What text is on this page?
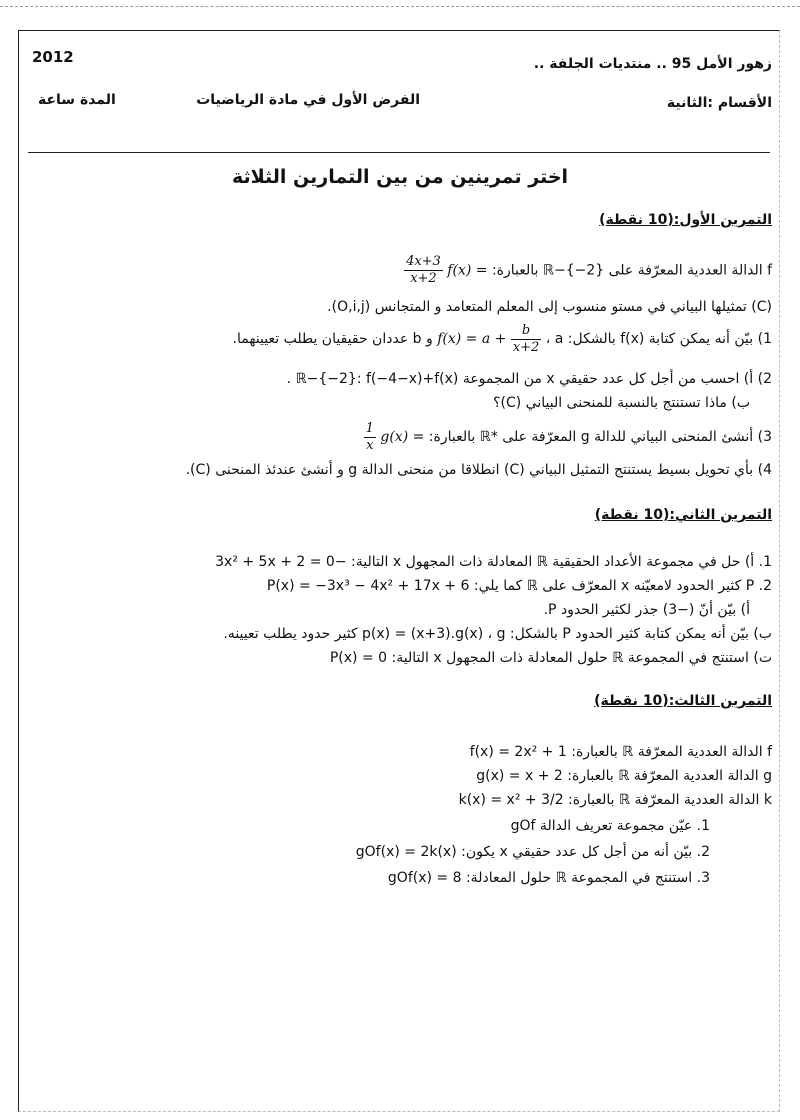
2012	زهور الأمل 95 .. منتديات الجلفة ..
المدة ساعة	الفرض الأول في مادة الرياضيات	الأقسام :الثانية
اختر تمرينين من بين التمارين الثلاثة
التمرين الأول:(10 نقطة)
f الدالة العددية المعرّفة على ℝ−{−2} بالعبارة: f(x) =
$\frac{4x+3}{x+2}$
(C) تمثيلها البياني في مستو منسوب إلى المعلم المتعامد و المتجانس (O,i,j).
1) بيّن أنه يمكن كتابة f(x) بالشكل: $f(x) = a + \frac{b}{x+2}$
، a و b عددان حقيقيان يطلب تعيينهما.
2) أ) احسب من أجل كل عدد حقيقي x من المجموعة ℝ−{−2}: f(−4−x)+f(x) .
ب) ماذا تستنتج بالنسبة للمنحنى البياني (C)؟
3) أنشئ المنحنى البياني للدالة g المعرّفة على *ℝ بالعبارة: g(x) =
$\frac{1}{x}$
4) بأي تحويل بسيط يستنتج التمثيل البياني (C) انطلاقا من منحنى الدالة g و أنشئ عندئذ المنحنى (C).
التمرين الثاني:(10 نقطة)
1. أ) حل في مجموعة الأعداد الحقيقية ℝ المعادلة ذات المجهول x التالية: −3x² + 5x + 2 = 0
2. P كثير الحدود لامعيّنه x المعرّف على ℝ كما يلي: P(x) = −3x³ − 4x² + 17x + 6
أ) بيّن أنّ (−3) جذر لكثير الحدود P.
ب) بيّن أنه يمكن كتابة كثير الحدود P بالشكل: p(x) = (x+3).g(x) ، g كثير حدود يطلب تعيينه.
ت) استنتج في المجموعة ℝ حلول المعادلة ذات المجهول x التالية: P(x) = 0
التمرين الثالث:(10 نقطة)
f الدالة العددية المعرّفة ℝ بالعبارة: f(x) = 2x² + 1
g الدالة العددية المعرّفة ℝ بالعبارة: g(x) = x + 2
k الدالة العددية المعرّفة ℝ بالعبارة: k(x) = x² + 3/2
1. عيّن مجموعة تعريف الدالة gOf
2. بيّن أنه من أجل كل عدد حقيقي x يكون: gOf(x) = 2k(x)
3. استنتج في المجموعة ℝ حلول المعادلة: gOf(x) = 8
